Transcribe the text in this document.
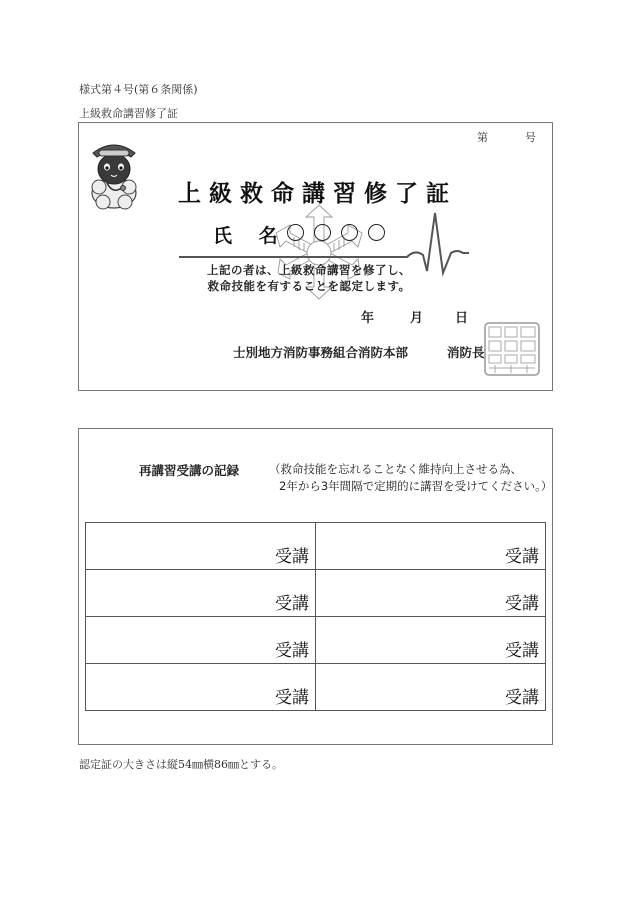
様式第４号(第６条関係)
上級救命講習修了証
第	号
上級救命講習修了証
氏 名
上記の者は、上級救命講習を修了し、
救命技能を有することを認定します。
年	月 日
士別地方消防事務組合消防本部	消防長
再講習受講の記録	（救命技能を忘れることなく維持向上させる為、
2年から3年間隔で定期的に講習を受けてください。）
受講	受講
受講	受講
受講	受講
受講	受講
認定証の大きさは縦54㎜横86㎜とする。
